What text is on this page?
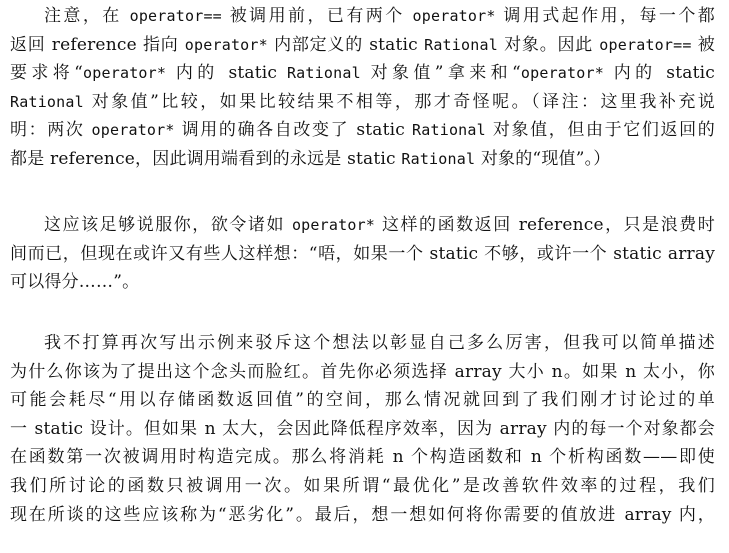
注意，在 operator== 被调用前，已有两个 operator* 调用式起作用，每一个都
返回 reference 指向 operator* 内部定义的 static Rational 对象。因此 operator== 被
要求将“operator* 内的 static Rational 对象值”拿来和“operator* 内的 static
Rational 对象值”比较，如果比较结果不相等，那才奇怪呢。（译注：这里我补充说
明：两次 operator* 调用的确各自改变了 static Rational 对象值，但由于它们返回的
都是 reference，因此调用端看到的永远是 static Rational 对象的“现值”。）
这应该足够说服你，欲令诸如 operator* 这样的函数返回 reference，只是浪费时
间而已，但现在或许又有些人这样想：“唔，如果一个 static 不够，或许一个 static array
可以得分……”。
我不打算再次写出示例来驳斥这个想法以彰显自己多么厉害，但我可以简单描述
为什么你该为了提出这个念头而脸红。首先你必须选择 array 大小 n。如果 n 太小，你
可能会耗尽“用以存储函数返回值”的空间，那么情况就回到了我们刚才讨论过的单
一 static 设计。但如果 n 太大，会因此降低程序效率，因为 array 内的每一个对象都会
在函数第一次被调用时构造完成。那么将消耗 n 个构造函数和 n 个析构函数——即使
我们所讨论的函数只被调用一次。如果所谓“最优化”是改善软件效率的过程，我们
现在所谈的这些应该称为“恶劣化”。最后，想一想如何将你需要的值放进 array 内，
